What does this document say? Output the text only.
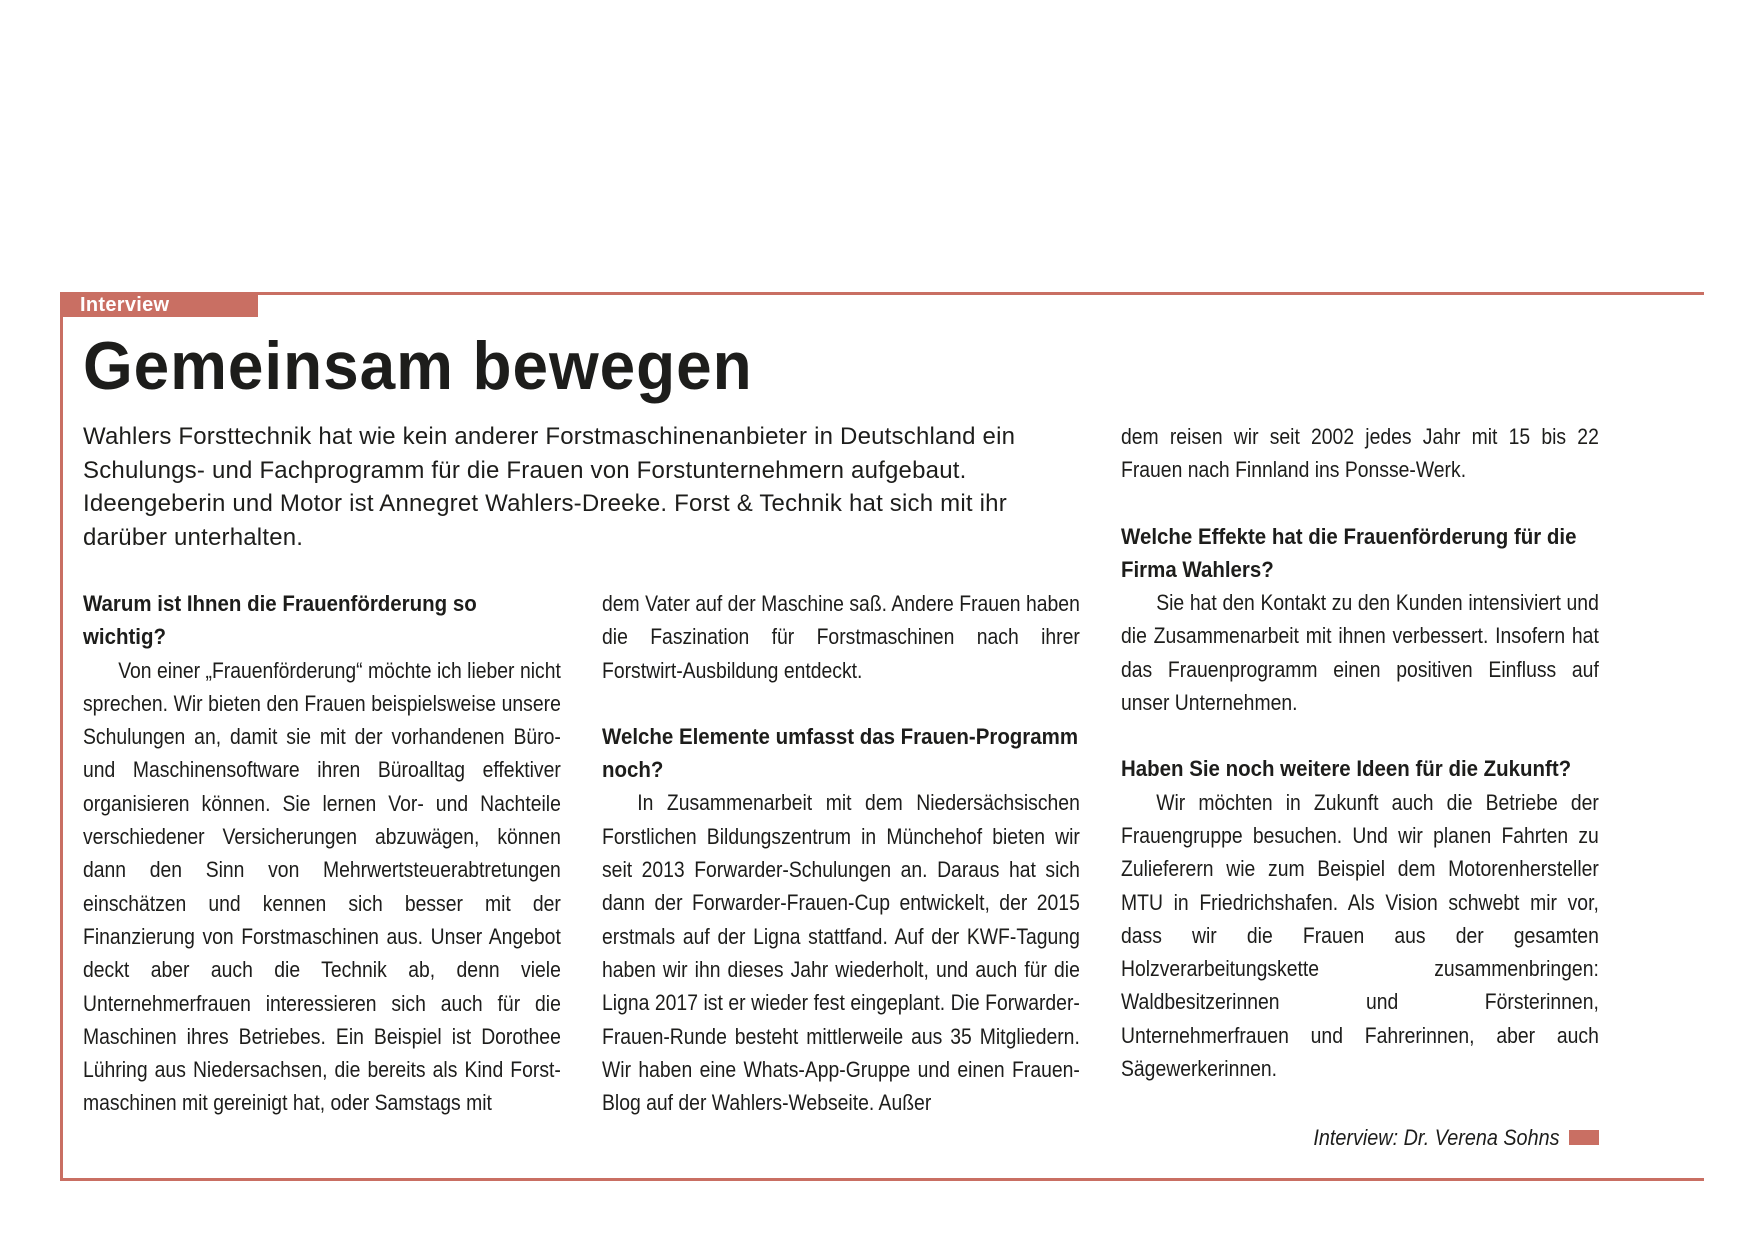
Interview
Gemeinsam bewegen

Wahlers Forsttechnik hat wie kein anderer Forstmaschinenanbieter in Deutschland ein Schulungs- und Fachprogramm für die Frauen von Forstunternehmern aufgebaut. Ideengeberin und Motor ist Annegret Wahlers-Dreeke. Forst & Technik hat sich mit ihr darüber unterhalten.

Warum ist Ihnen die Frauenförderung so wichtig?

Von einer „Frauenförderung“ möchte ich lieber nicht sprechen. Wir bieten den Frauen beispielsweise unsere Schulungen an, damit sie mit der vorhandenen Büro- und Maschinensoftware ihren Büroalltag effektiver organisieren können. Sie lernen Vor- und Nachteile verschiedener Versicherungen abzuwägen, können dann den Sinn von Mehrwertsteuerabtretungen einschätzen und kennen sich besser mit der Finanzierung von Forstmaschinen aus. Unser Angebot deckt aber auch die Technik ab, denn viele Unternehmerfrauen interessieren sich auch für die Maschinen ihres Betriebes. Ein Beispiel ist Dorothee Lühring aus Niedersachsen, die bereits als Kind Forstmaschinen mit gereinigt hat, oder Samstags mit

dem Vater auf der Maschine saß. Andere Frauen haben die Faszination für Forstmaschinen nach ihrer Forstwirt-Ausbildung entdeckt.

Welche Elemente umfasst das Frauen-Programm noch?

In Zusammenarbeit mit dem Niedersächsischen Forstlichen Bildungszentrum in Münchehof bieten wir seit 2013 Forwarder-Schulungen an. Daraus hat sich dann der Forwarder-Frauen-Cup entwickelt, der 2015 erstmals auf der Ligna stattfand. Auf der KWF-Tagung haben wir ihn dieses Jahr wiederholt, und auch für die Ligna 2017 ist er wieder fest eingeplant. Die Forwarder-Frauen-Runde besteht mittlerweile aus 35 Mitgliedern. Wir haben eine Whats-App-Gruppe und einen Frauen-Blog auf der Wahlers-Webseite. Außer

dem reisen wir seit 2002 jedes Jahr mit 15 bis 22 Frauen nach Finnland ins Ponsse-Werk.

Welche Effekte hat die Frauenförderung für die Firma Wahlers?

Sie hat den Kontakt zu den Kunden intensiviert und die Zusammenarbeit mit ihnen verbessert. Insofern hat das Frauenprogramm einen positiven Einfluss auf unser Unternehmen.

Haben Sie noch weitere Ideen für die Zukunft?

Wir möchten in Zukunft auch die Betriebe der Frauengruppe besuchen. Und wir planen Fahrten zu Zulieferern wie zum Beispiel dem Motorenhersteller MTU in Friedrichshafen. Als Vision schwebt mir vor, dass wir die Frauen aus der gesamten Holzverarbeitungskette zusammenbringen: Waldbesitzerinnen und Försterinnen, Unternehmerfrauen und Fahrerinnen, aber auch Sägewerkerinnen.

Interview: Dr. Verena Sohns
